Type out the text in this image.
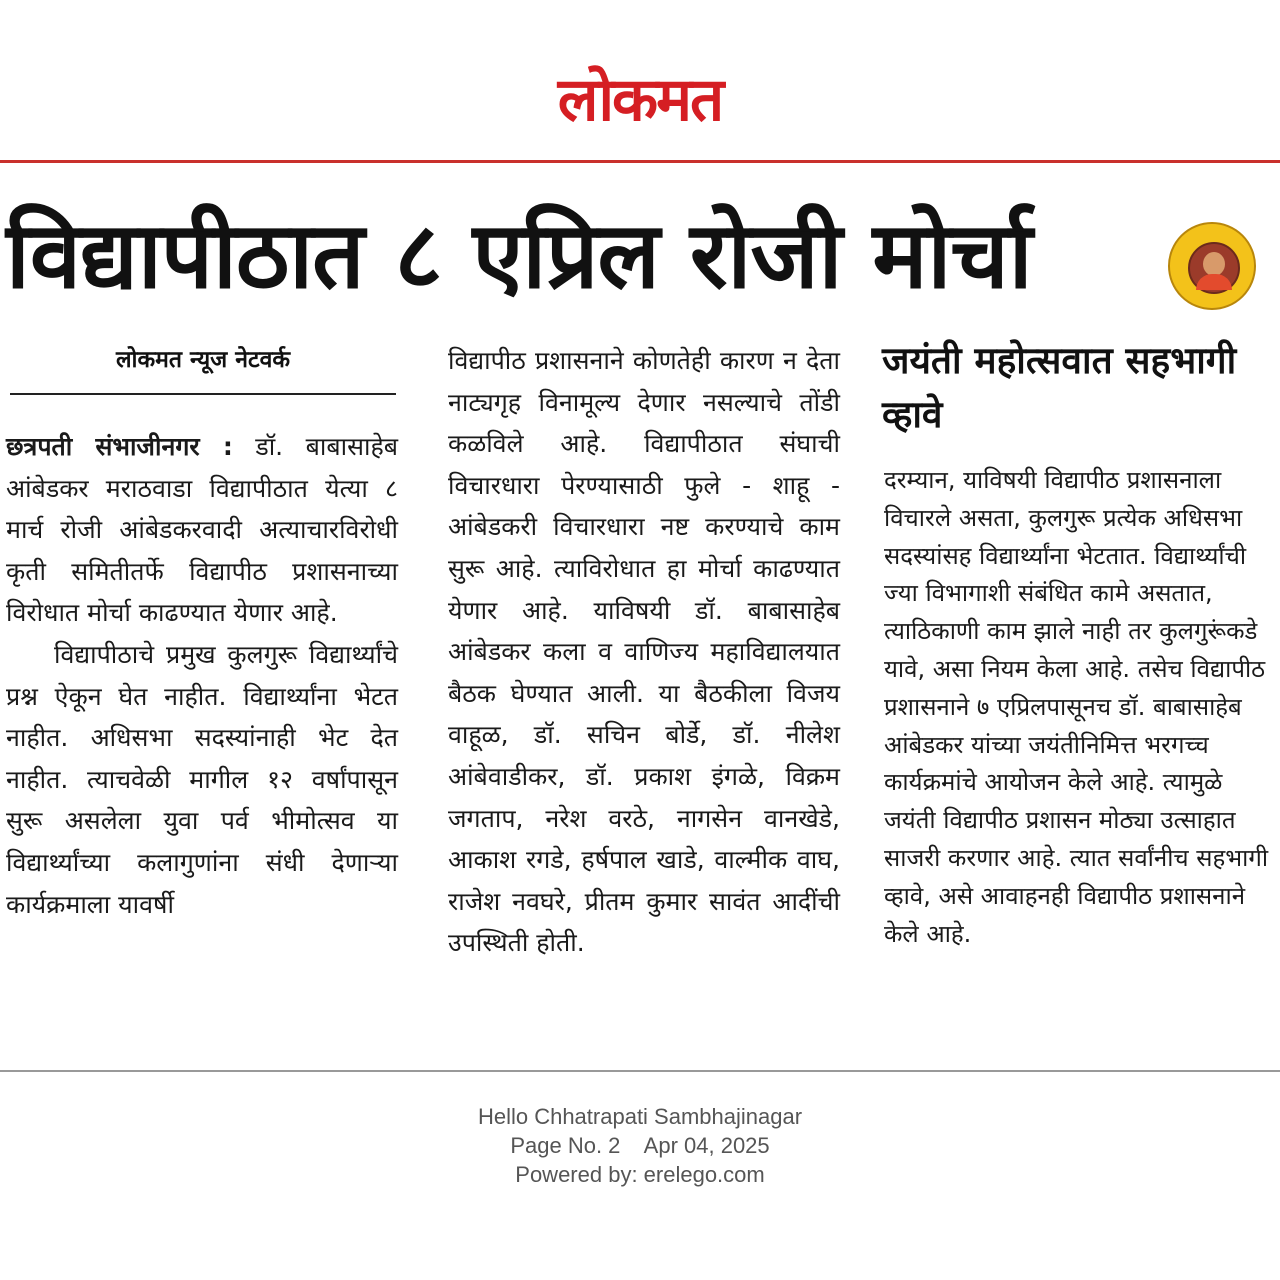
लोकमत
विद्यापीठात ८ एप्रिल रोजी मोर्चा
लोकमत न्यूज नेटवर्क

छत्रपती संभाजीनगर : डॉ. बाबासाहेब आंबेडकर मराठवाडा विद्यापीठात येत्या ८ मार्च रोजी आंबेडकरवादी अत्याचारविरोधी कृती समितीतर्फे विद्यापीठ प्रशासनाच्या विरोधात मोर्चा काढण्यात येणार आहे.

विद्यापीठाचे प्रमुख कुलगुरू विद्यार्थ्यांचे प्रश्न ऐकून घेत नाहीत. विद्यार्थ्यांना भेटत नाहीत. अधिसभा सदस्यांनाही भेट देत नाहीत. त्याचवेळी मागील १२ वर्षांपासून सुरू असलेला युवा पर्व भीमोत्सव या विद्यार्थ्यांच्या कलागुणांना संधी देणाऱ्या कार्यक्रमाला यावर्षी

विद्यापीठ प्रशासनाने कोणतेही कारण न देता नाट्यगृह विनामूल्य देणार नसल्याचे तोंडी कळविले आहे. विद्यापीठात संघाची विचारधारा पेरण्यासाठी फुले - शाहू - आंबेडकरी विचारधारा नष्ट करण्याचे काम सुरू आहे. त्याविरोधात हा मोर्चा काढण्यात येणार आहे. याविषयी डॉ. बाबासाहेब आंबेडकर कला व वाणिज्य महाविद्यालयात बैठक घेण्यात आली. या बैठकीला विजय वाहूळ, डॉ. सचिन बोर्डे, डॉ. नीलेश आंबेवाडीकर, डॉ. प्रकाश इंगळे, विक्रम जगताप, नरेश वरठे, नागसेन वानखेडे, आकाश रगडे, हर्षपाल खाडे, वाल्मीक वाघ, राजेश नवघरे, प्रीतम कुमार सावंत आदींची उपस्थिती होती.

जयंती महोत्सवात सहभागी व्हावे

दरम्यान, याविषयी विद्यापीठ प्रशासनाला विचारले असता, कुलगुरू प्रत्येक अधिसभा सदस्यांसह विद्यार्थ्यांना भेटतात. विद्यार्थ्यांची ज्या विभागाशी संबंधित कामे असतात, त्याठिकाणी काम झाले नाही तर कुलगुरूंकडे यावे, असा नियम केला आहे. तसेच विद्यापीठ प्रशासनाने ७ एप्रिलपासूनच डॉ. बाबासाहेब आंबेडकर यांच्या जयंतीनिमित्त भरगच्च कार्यक्रमांचे आयोजन केले आहे. त्यामुळे जयंती विद्यापीठ प्रशासन मोठ्या उत्साहात साजरी करणार आहे. त्यात सर्वांनीच सहभागी व्हावे, असे आवाहनही विद्यापीठ प्रशासनाने केले आहे.

Hello Chhatrapati Sambhajinagar
Page No. 2 Apr 04, 2025
Powered by: erelego.com
